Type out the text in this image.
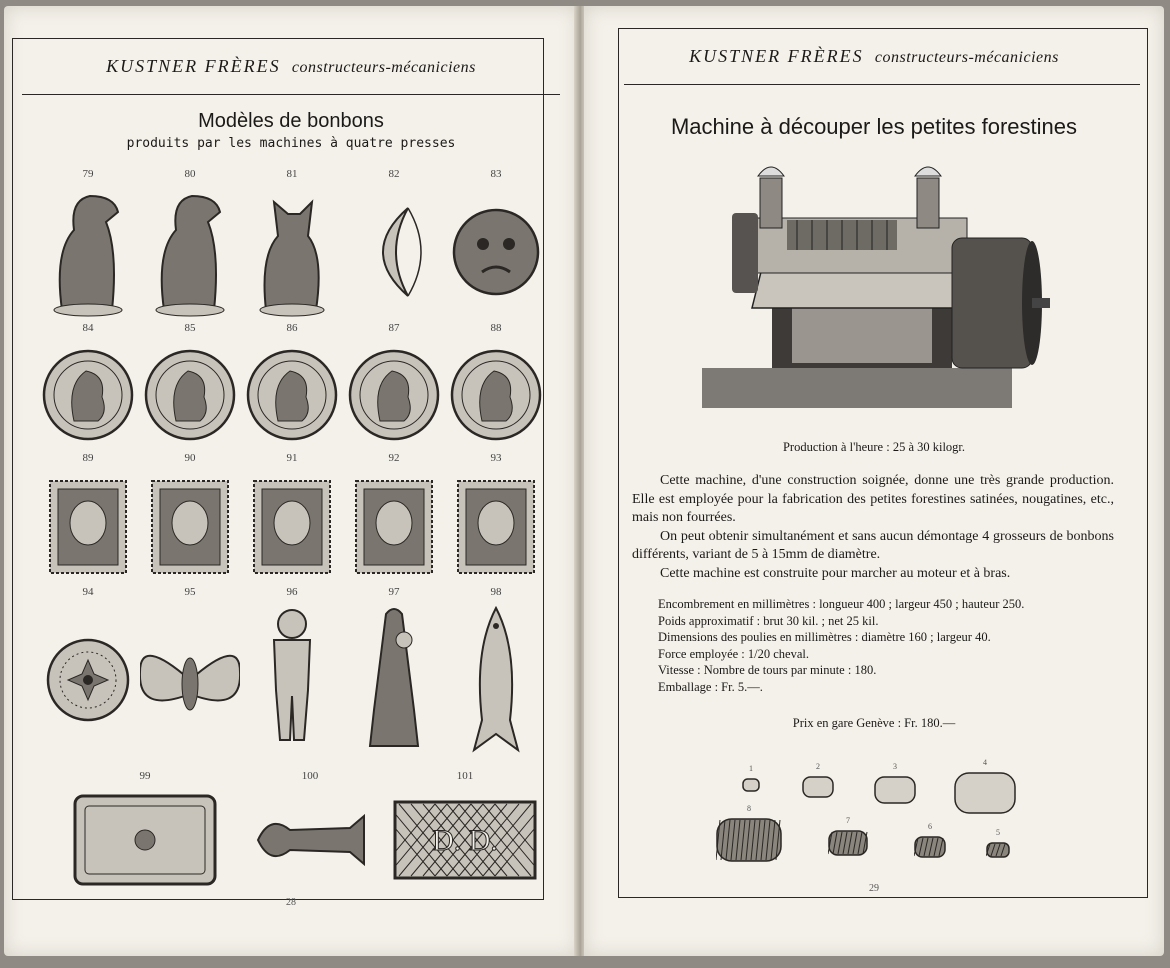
KUSTNER FRÈRES constructeurs-mécaniciens
Modèles de bonbons
produits par les machines à quatre presses
79	80	81	82	83
84	85	86	87	88
89	90	91	92	93
94	95	96	97	98
99	100	101
D. D.
28
KUSTNER FRÈRES constructeurs-mécaniciens
Machine à découper les petites forestines
Production à l'heure : 25 à 30 kilogr.

Cette machine, d'une construction soignée, donne une très grande production. Elle est employée pour la fabrication des petites forestines satinées, nougatines, etc., mais non fourrées.

On peut obtenir simultanément et sans aucun démontage 4 grosseurs de bonbons différents, variant de 5 à 15mm de diamètre.

Cette machine est construite pour marcher au moteur et à bras.

Encombrement en millimètres : longueur 400 ; largeur 450 ; hauteur 250.
Poids approximatif : brut 30 kil. ; net 25 kil.
Dimensions des poulies en millimètres : diamètre 160 ; largeur 40.
Force employée : 1/20 cheval.
Vitesse : Nombre de tours par minute : 180.
Emballage : Fr. 5.—.
Prix en gare Genève : Fr. 180.—
1	2	3	4
8
7
6
5
29
